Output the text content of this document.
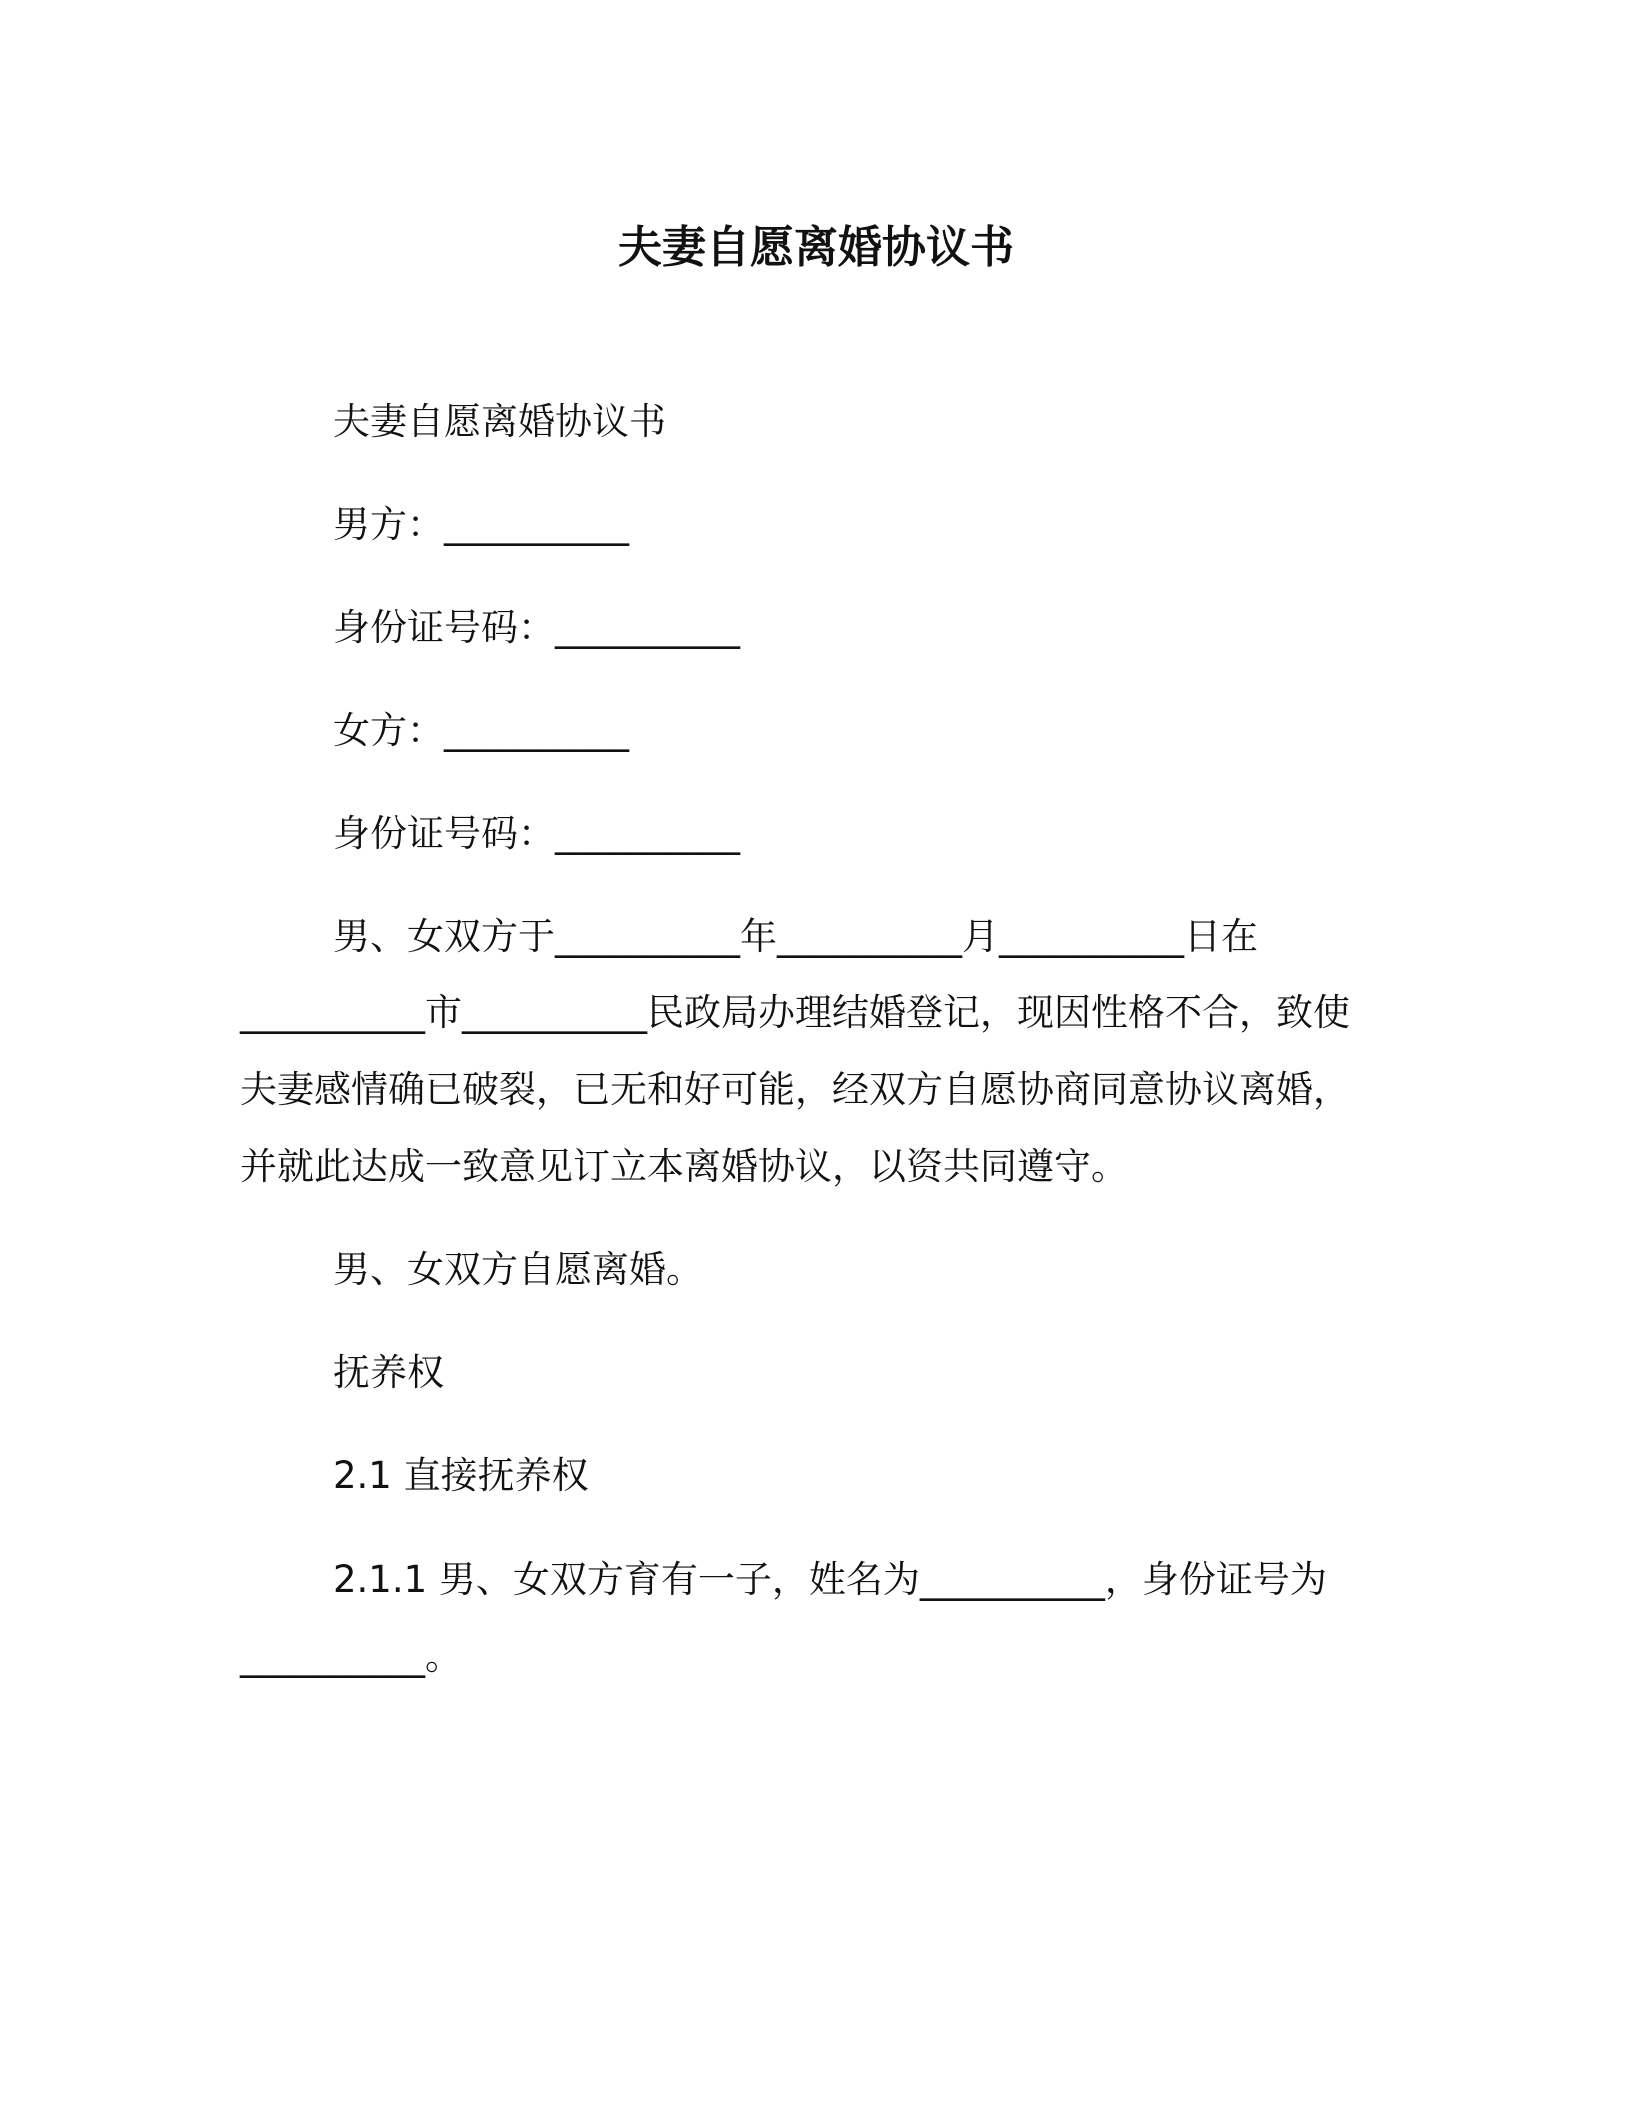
夫妻自愿离婚协议书
夫妻自愿离婚协议书
男方：__________
身份证号码：__________
女方：__________
身份证号码：__________
男、女双方于__________年__________月__________日在
__________市__________民政局办理结婚登记，现因性格不合，致使
夫妻感情确已破裂，已无和好可能，经双方自愿协商同意协议离婚，
并就此达成一致意见订立本离婚协议，以资共同遵守。
男、女双方自愿离婚。
抚养权
2.1 直接抚养权
2.1.1 男、女双方育有一子，姓名为__________，身份证号为
__________。
